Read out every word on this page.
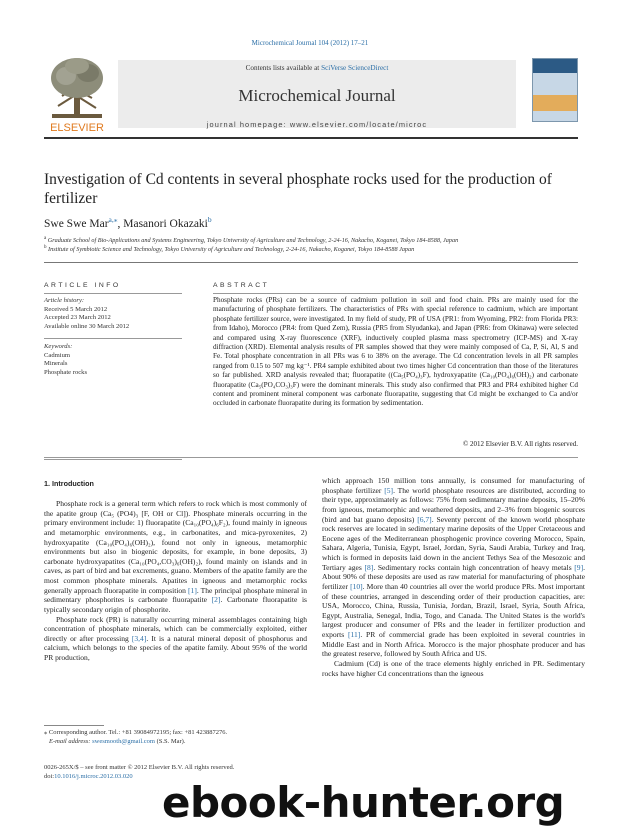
Microchemical Journal 104 (2012) 17–21
ELSEVIER
Contents lists available at SciVerse ScienceDirect
Microchemical Journal
journal homepage: www.elsevier.com/locate/microc
Investigation of Cd contents in several phosphate rocks used for the production of fertilizer
Swe Swe Mar$^{a,⁎}$, Masanori Okazaki$^b$
$^a$ Graduate School of Bio-Applications and Systems Engineering, Tokyo University of Agriculture and Technology, 2-24-16, Nakacho, Koganei, Tokyo 184-8588, Japan
$^b$ Institute of Symbiotic Science and Technology, Tokyo University of Agriculture and Technology, 2-24-16, Nakacho, Koganei, Tokyo 184-8588 Japan
ARTICLE INFO	ABSTRACT
Article history:
Received 5 March 2012
Accepted 23 March 2012
Available online 30 March 2012
Keywords:
Cadmium
Minerals
Phosphate rocks
Phosphate rocks (PRs) can be a source of cadmium pollution in soil and food chain. PRs are mainly used for the manufacturing of phosphate fertilizers. The characteristics of PRs with special reference to cadmium, which are important phosphate fertilizer source, were investigated. In my field of study, PR of USA (PR1: from Wyoming, PR2: from Florida PR3: from Idaho), Morocco (PR4: from Qued Zem), Russia (PR5 from Slyudanka), and Japan (PR6: from Okinawa) were selected and compared using X-ray fluorescence (XRF), inductively coupled plasma mass spectrometry (ICP-MS) and X-ray diffraction (XRD). Elemental analysis results of PR samples showed that they were mainly composed of Ca, P, Si, Al, S and Fe. Total phosphate concentration in all PRs was 6 to 38% on the average. The Cd concentration levels in all PR samples ranged from 0.15 to 507 mg kg⁻¹. PR4 sample exhibited about two times higher Cd concentration than those of the literatures so far published. XRD analysis revealed that; fluorapatite ((Ca₅(PO₄)₃F), hydroxyapatite (Ca₁₀(PO₄)₆(OH)₂) and carbonate fluorapatite (Ca₅(PO₄CO₃)₃F) were the dominant minerals. This study also confirmed that PR3 and PR4 exhibited higher Cd content and prominent mineral component was carbonate fluorapatite, suggesting that Cd might be exchanged to Ca and/or occluded in carbonate fluorapatite during its formation by sedimentation.
© 2012 Elsevier B.V. All rights reserved.
1. Introduction

Phosphate rock is a general term which refers to rock which is most commonly of the apatite group (Ca₅ (PO4)₃ [F, OH or Cl]). Phosphate minerals occurring in the primary environment include: 1) fluorapatite (Ca₁₀(PO₄)₆F₂), found mainly in igneous and metamorphic environments, e.g., in carbonatites, and mica-pyroxenites, 2) hydroxyapatite (Ca₁₀(PO₄)₆(OH)₂), found not only in igneous, metamorphic environments but also in biogenic deposits, for example, in bone deposits, 3) carbonate hydroxyapatites (Ca₁₀(PO₄,CO₃)₆(OH)₂), found mainly on islands and in caves, as part of bird and bat excrements, guano. Members of the apatite family are the most common phosphate minerals. Apatites in igneous and metamorphic rocks generally approach fluorapatite in composition [1]. The principal phosphate mineral in sedimentary phosphorites is carbonate fluorapatite [2]. Carbonate fluorapatite is typically secondary origin of phosphorite.

Phosphate rock (PR) is naturally occurring mineral assemblages containing high concentration of phosphate minerals, which can be commercially exploited, either directly or after processing [3,4]. It is a natural mineral deposit of phosphorus and calcium, which belongs to the species of the apatite family. About 95% of the world PR production,

which approach 150 million tons annually, is consumed for manufacturing of phosphate fertilizer [5]. The world phosphate resources are distributed, according to their type, approximately as follows: 75% from sedimentary marine deposits, 15–20% from igneous, metamorphic and weathered deposits, and 2–3% from biogenic sources (bird and bat guano deposits) [6,7]. Seventy percent of the known world phosphate rock reserves are located in sedimentary marine deposits of the Upper Cretaceous and Eocene ages of the Mediterranean phosphogenic province covering Morocco, Spain, Sahara, Algeria, Tunisia, Egypt, Israel, Jordan, Syria, Saudi Arabia, Turkey and Iraq, which is formed in deposits laid down in the ancient Tethys Sea of the Mesozoic and Tertiary ages [8]. Sedimentary rocks contain high concentration of heavy metals [9]. About 90% of these deposits are used as raw material for manufacturing of phosphate fertilizer [10]. More than 40 countries all over the world produce PRs. Most important of these countries, arranged in descending order of their production capacities, are: USA, Morocco, China, Russia, Tunisia, Jordan, Brazil, Israel, Syria, South Africa, Egypt, Australia, Senegal, India, Togo, and Canada. The United States is the world's largest producer and consumer of PRs and the leader in fertilizer production and exports [11]. PR of commercial grade has been exploited in several countries in Middle East and in North Africa. Morocco is the major phosphate producer and has the greatest reserve, followed by South Africa and US.

Cadmium (Cd) is one of the trace elements highly enriched in PR. Sedimentary rocks have higher Cd concentrations than the igneous

⁎ Corresponding author. Tel.: +81 39084972195; fax: +81 423887276.
E-mail address: swesmooth@gmail.com (S.S. Mar).
0026-265X/$ – see front matter © 2012 Elsevier B.V. All rights reserved.
doi:10.1016/j.microc.2012.03.020
ebook-hunter.org
